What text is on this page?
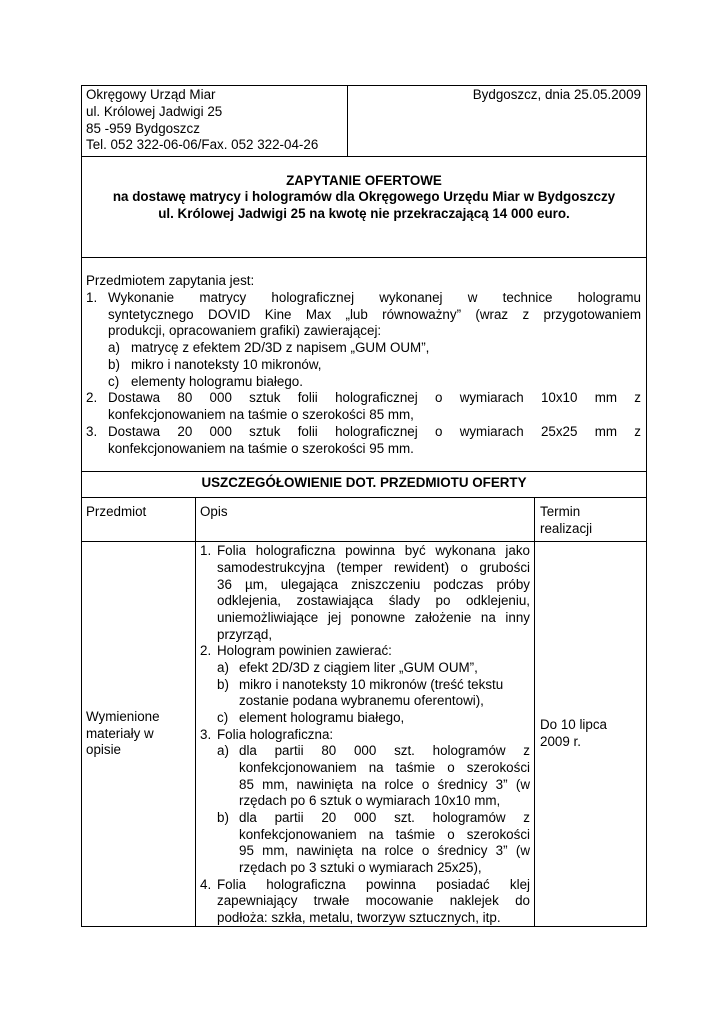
Okręgowy Urząd Miar
ul. Królowej Jadwigi 25
85 -959 Bydgoszcz
Tel. 052 322-06-06/Fax. 052 322-04-26
Bydgoszcz, dnia 25.05.2009
ZAPYTANIE OFERTOWE
na dostawę matrycy i hologramów dla Okręgowego Urzędu Miar w Bydgoszczy
ul. Królowej Jadwigi 25 na kwotę nie przekraczającą 14 000 euro.
Przedmiotem zapytania jest:
1. Wykonanie matrycy holograficznej wykonanej w technice hologramu
syntetycznego DOVID Kine Max „lub równoważny” (wraz z przygotowaniem
produkcji, opracowaniem grafiki) zawierającej:
a) matrycę z efektem 2D/3D z napisem „GUM OUM”,
b) mikro i nanoteksty 10 mikronów,
c) elementy hologramu białego.
2. Dostawa 80 000 sztuk folii holograficznej o wymiarach 10x10 mm z
konfekcjonowaniem na taśmie o szerokości 85 mm,
3. Dostawa 20 000 sztuk folii holograficznej o wymiarach 25x25 mm z
konfekcjonowaniem na taśmie o szerokości 95 mm.
USZCZEGÓŁOWIENIE DOT. PRZEDMIOTU OFERTY
Przedmiot	Opis	Termin
realizacji
Wymienione
materiały w
opisie
Do 10 lipca
2009 r.
1. Folia holograficzna powinna być wykonana jako
samodestrukcyjna (temper rewident) o grubości
36 µm, ulegająca zniszczeniu podczas próby
odklejenia, zostawiająca ślady po odklejeniu,
uniemożliwiające jej ponowne założenie na inny
przyrząd,
2. Hologram powinien zawierać:
a) efekt 2D/3D z ciągiem liter „GUM OUM”,
b) mikro i nanoteksty 10 mikronów (treść tekstu
zostanie podana wybranemu oferentowi),
c) element hologramu białego,
3. Folia holograficzna:
a) dla partii 80 000 szt. hologramów z
konfekcjonowaniem na taśmie o szerokości
85 mm, nawinięta na rolce o średnicy 3” (w
rzędach po 6 sztuk o wymiarach 10x10 mm,
b) dla partii 20 000 szt. hologramów z
konfekcjonowaniem na taśmie o szerokości
95 mm, nawinięta na rolce o średnicy 3” (w
rzędach po 3 sztuki o wymiarach 25x25),
4. Folia holograficzna powinna posiadać klej
zapewniający trwałe mocowanie naklejek do
podłoża: szkła, metalu, tworzyw sztucznych, itp.
